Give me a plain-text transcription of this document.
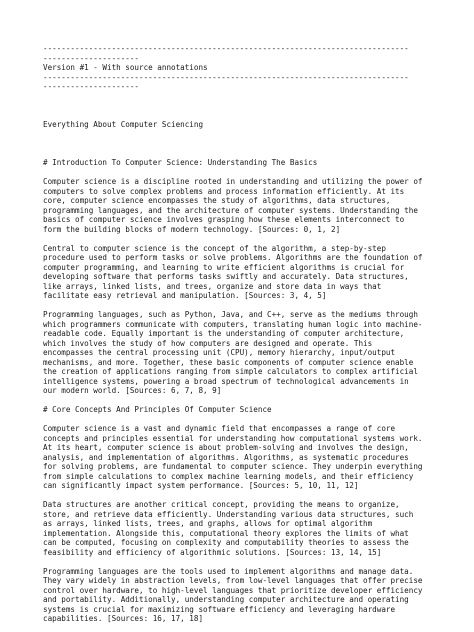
--------------------------------------------------------------------------------
---------------------
Version #1 - With source annotations
--------------------------------------------------------------------------------
---------------------
Everything About Computer Sciencing
# Introduction To Computer Science: Understanding The Basics
Computer science is a discipline rooted in understanding and utilizing the power of
computers to solve complex problems and process information efficiently. At its
core, computer science encompasses the study of algorithms, data structures,
programming languages, and the architecture of computer systems. Understanding the
basics of computer science involves grasping how these elements interconnect to
form the building blocks of modern technology. [Sources: 0, 1, 2]
Central to computer science is the concept of the algorithm, a step-by-step
procedure used to perform tasks or solve problems. Algorithms are the foundation of
computer programming, and learning to write efficient algorithms is crucial for
developing software that performs tasks swiftly and accurately. Data structures,
like arrays, linked lists, and trees, organize and store data in ways that
facilitate easy retrieval and manipulation. [Sources: 3, 4, 5]
Programming languages, such as Python, Java, and C++, serve as the mediums through
which programmers communicate with computers, translating human logic into machine-
readable code. Equally important is the understanding of computer architecture,
which involves the study of how computers are designed and operate. This
encompasses the central processing unit (CPU), memory hierarchy, input/output
mechanisms, and more. Together, these basic components of computer science enable
the creation of applications ranging from simple calculators to complex artificial
intelligence systems, powering a broad spectrum of technological advancements in
our modern world. [Sources: 6, 7, 8, 9]
# Core Concepts And Principles Of Computer Science
Computer science is a vast and dynamic field that encompasses a range of core
concepts and principles essential for understanding how computational systems work.
At its heart, computer science is about problem-solving and involves the design,
analysis, and implementation of algorithms. Algorithms, as systematic procedures
for solving problems, are fundamental to computer science. They underpin everything
from simple calculations to complex machine learning models, and their efficiency
can significantly impact system performance. [Sources: 5, 10, 11, 12]
Data structures are another critical concept, providing the means to organize,
store, and retrieve data efficiently. Understanding various data structures, such
as arrays, linked lists, trees, and graphs, allows for optimal algorithm
implementation. Alongside this, computational theory explores the limits of what
can be computed, focusing on complexity and computability theories to assess the
feasibility and efficiency of algorithmic solutions. [Sources: 13, 14, 15]
Programming languages are the tools used to implement algorithms and manage data.
They vary widely in abstraction levels, from low-level languages that offer precise
control over hardware, to high-level languages that prioritize developer efficiency
and portability. Additionally, understanding computer architecture and operating
systems is crucial for maximizing software efficiency and leveraging hardware
capabilities. [Sources: 16, 17, 18]
